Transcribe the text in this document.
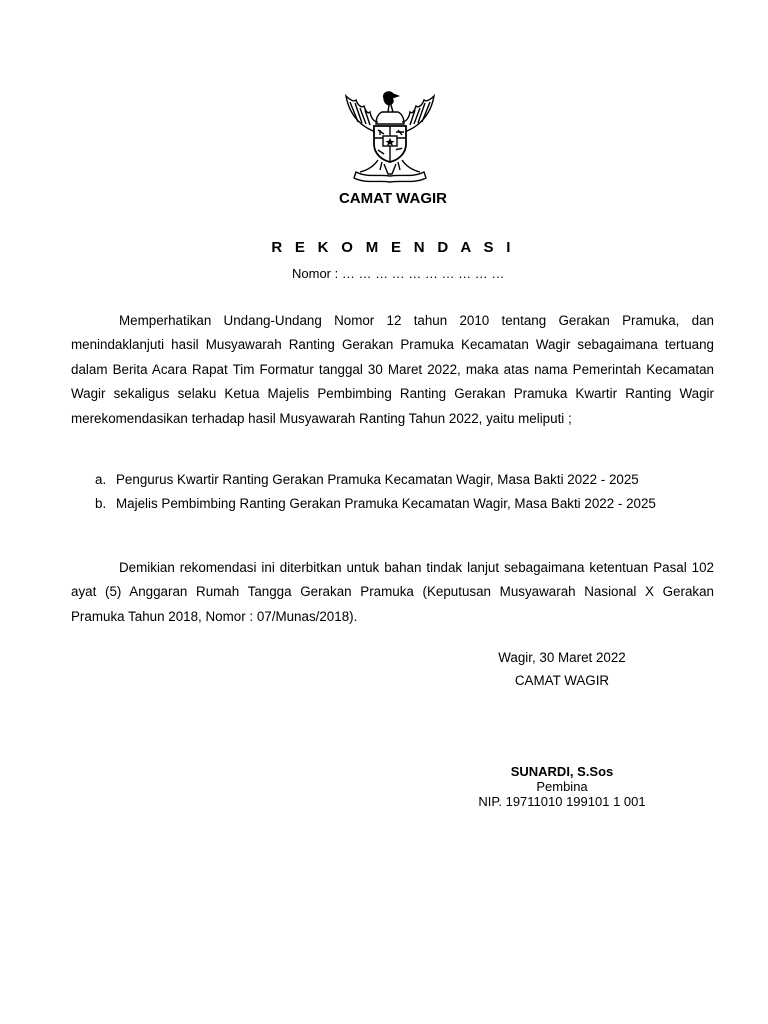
CAMAT WAGIR
R E K O M E N D A S I
Nomor : … … … … … … … … … …

Memperhatikan Undang-Undang Nomor 12 tahun 2010 tentang Gerakan Pramuka, dan menindaklanjuti hasil Musyawarah Ranting Gerakan Pramuka Kecamatan Wagir sebagaimana tertuang dalam Berita Acara Rapat Tim Formatur tanggal 30 Maret 2022, maka atas nama Pemerintah Kecamatan Wagir sekaligus selaku Ketua Majelis Pembimbing Ranting Gerakan Pramuka Kwartir Ranting Wagir merekomendasikan terhadap hasil Musyawarah Ranting Tahun 2022, yaitu meliputi ;

a. Pengurus Kwartir Ranting Gerakan Pramuka Kecamatan Wagir, Masa Bakti 2022 - 2025
b. Majelis Pembimbing Ranting Gerakan Pramuka Kecamatan Wagir, Masa Bakti 2022 - 2025

Demikian rekomendasi ini diterbitkan untuk bahan tindak lanjut sebagaimana ketentuan Pasal 102 ayat (5) Anggaran Rumah Tangga Gerakan Pramuka (Keputusan Musyawarah Nasional X Gerakan Pramuka Tahun 2018, Nomor : 07/Munas/2018).

Wagir, 30 Maret 2022
CAMAT WAGIR
SUNARDI, S.Sos
Pembina
NIP. 19711010 199101 1 001
